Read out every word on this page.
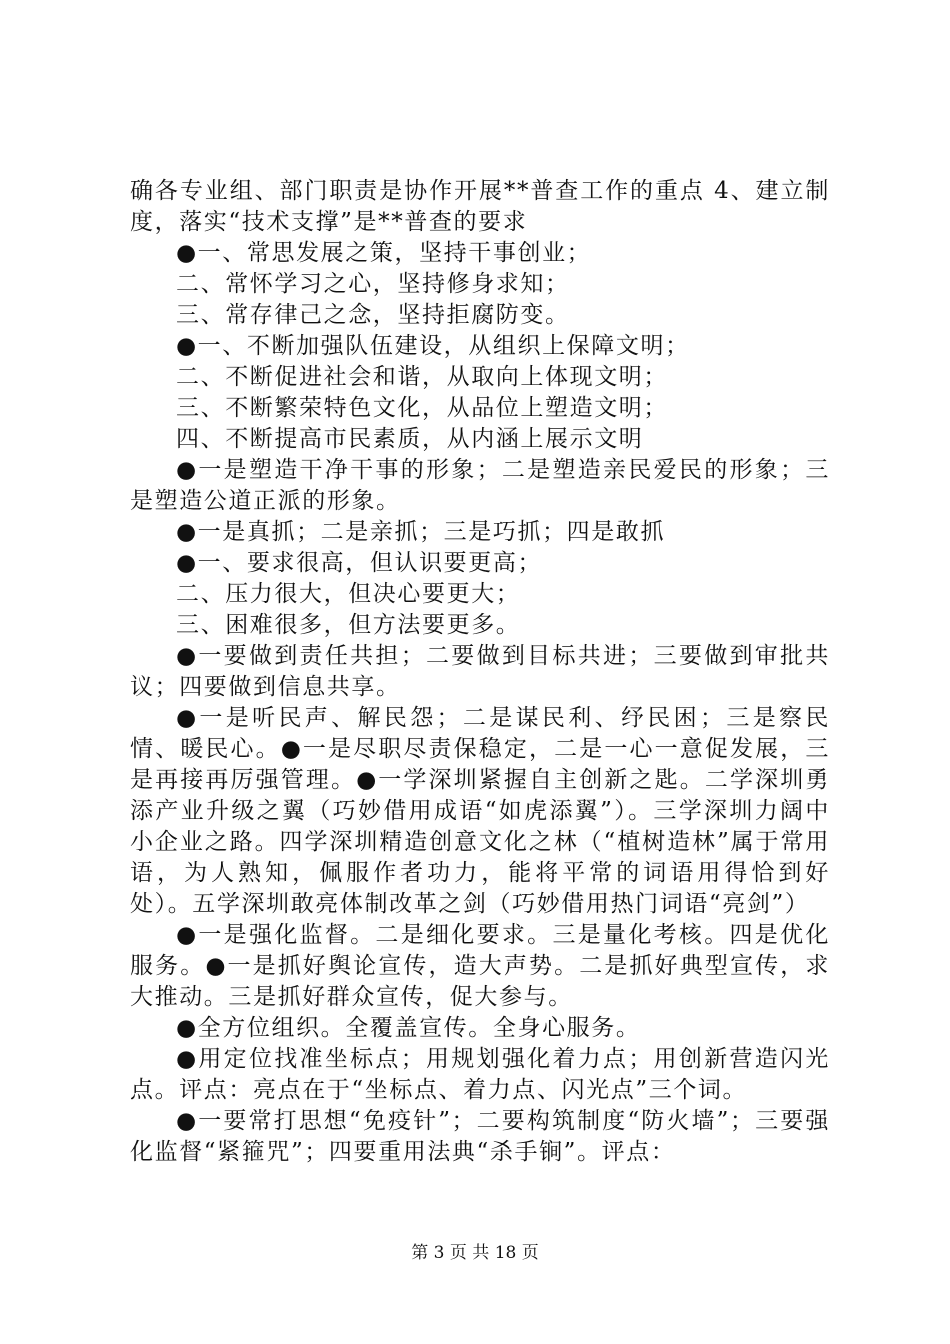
确各专业组、部门职责是协作开展**普查工作的重点 4、建立制度，落实“技术支撑”是**普查的要求

●一、常思发展之策，坚持干事创业；

二、常怀学习之心，坚持修身求知；

三、常存律己之念，坚持拒腐防变。

●一、不断加强队伍建设，从组织上保障文明；

二、不断促进社会和谐，从取向上体现文明；

三、不断繁荣特色文化，从品位上塑造文明；

四、不断提高市民素质，从内涵上展示文明

●一是塑造干净干事的形象；二是塑造亲民爱民的形象；三是塑造公道正派的形象。

●一是真抓；二是亲抓；三是巧抓；四是敢抓

●一、要求很高，但认识要更高；

二、压力很大，但决心要更大；

三、困难很多，但方法要更多。

●一要做到责任共担；二要做到目标共进；三要做到审批共议；四要做到信息共享。

●一是听民声、解民怨；二是谋民利、纾民困；三是察民情、暖民心。●一是尽职尽责保稳定，二是一心一意促发展，三是再接再厉强管理。●一学深圳紧握自主创新之匙。二学深圳勇添产业升级之翼（巧妙借用成语“如虎添翼”）。三学深圳力阔中小企业之路。四学深圳精造创意文化之林（“植树造林”属于常用语，为人熟知，佩服作者功力，能将平常的词语用得恰到好处）。五学深圳敢亮体制改革之剑（巧妙借用热门词语“亮剑”）

●一是强化监督。二是细化要求。三是量化考核。四是优化服务。●一是抓好舆论宣传，造大声势。二是抓好典型宣传，求大推动。三是抓好群众宣传，促大参与。

●全方位组织。全覆盖宣传。全身心服务。

●用定位找准坐标点；用规划强化着力点；用创新营造闪光点。评点：亮点在于“坐标点、着力点、闪光点”三个词。

●一要常打思想“免疫针”；二要构筑制度“防火墙”；三要强化监督“紧箍咒”；四要重用法典“杀手锏”。评点：

第 3 页 共 18 页
